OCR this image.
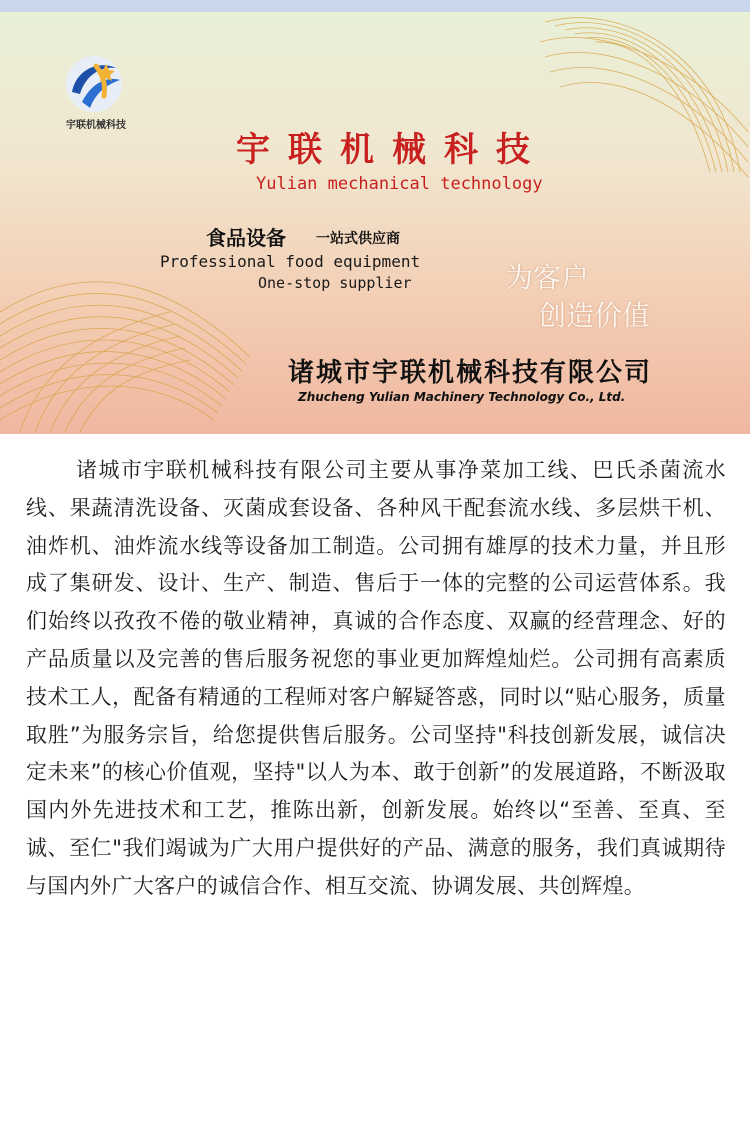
宇联机械科技
宇联机械科技
Yulian mechanical technology
食品设备 一站式供应商
Professional food equipment
One-stop supplier	为客户
创造价值
诸城市宇联机械科技有限公司
Zhucheng Yulian Machinery Technology Co., Ltd.
诸城市宇联机械科技有限公司主要从事净菜加工线、巴氏杀菌流水线、果蔬清洗设备、灭菌成套设备、各种风干配套流水线、多层烘干机、油炸机、油炸流水线等设备加工制造。公司拥有雄厚的技术力量，并且形成了集研发、设计、生产、制造、售后于一体的完整的公司运营体系。我们始终以孜孜不倦的敬业精神，真诚的合作态度、双赢的经营理念、好的产品质量以及完善的售后服务祝您的事业更加辉煌灿烂。公司拥有高素质技术工人，配备有精通的工程师对客户解疑答惑，同时以“贴心服务，质量取胜”为服务宗旨，给您提供售后服务。公司坚持"科技创新发展，诚信决定未来”的核心价值观，坚持"以人为本、敢于创新”的发展道路，不断汲取国内外先进技术和工艺，推陈出新，创新发展。始终以“至善、至真、至诚、至仁"我们竭诚为广大用户提供好的产品、满意的服务，我们真诚期待与国内外广大客户的诚信合作、相互交流、协调发展、共创辉煌。
